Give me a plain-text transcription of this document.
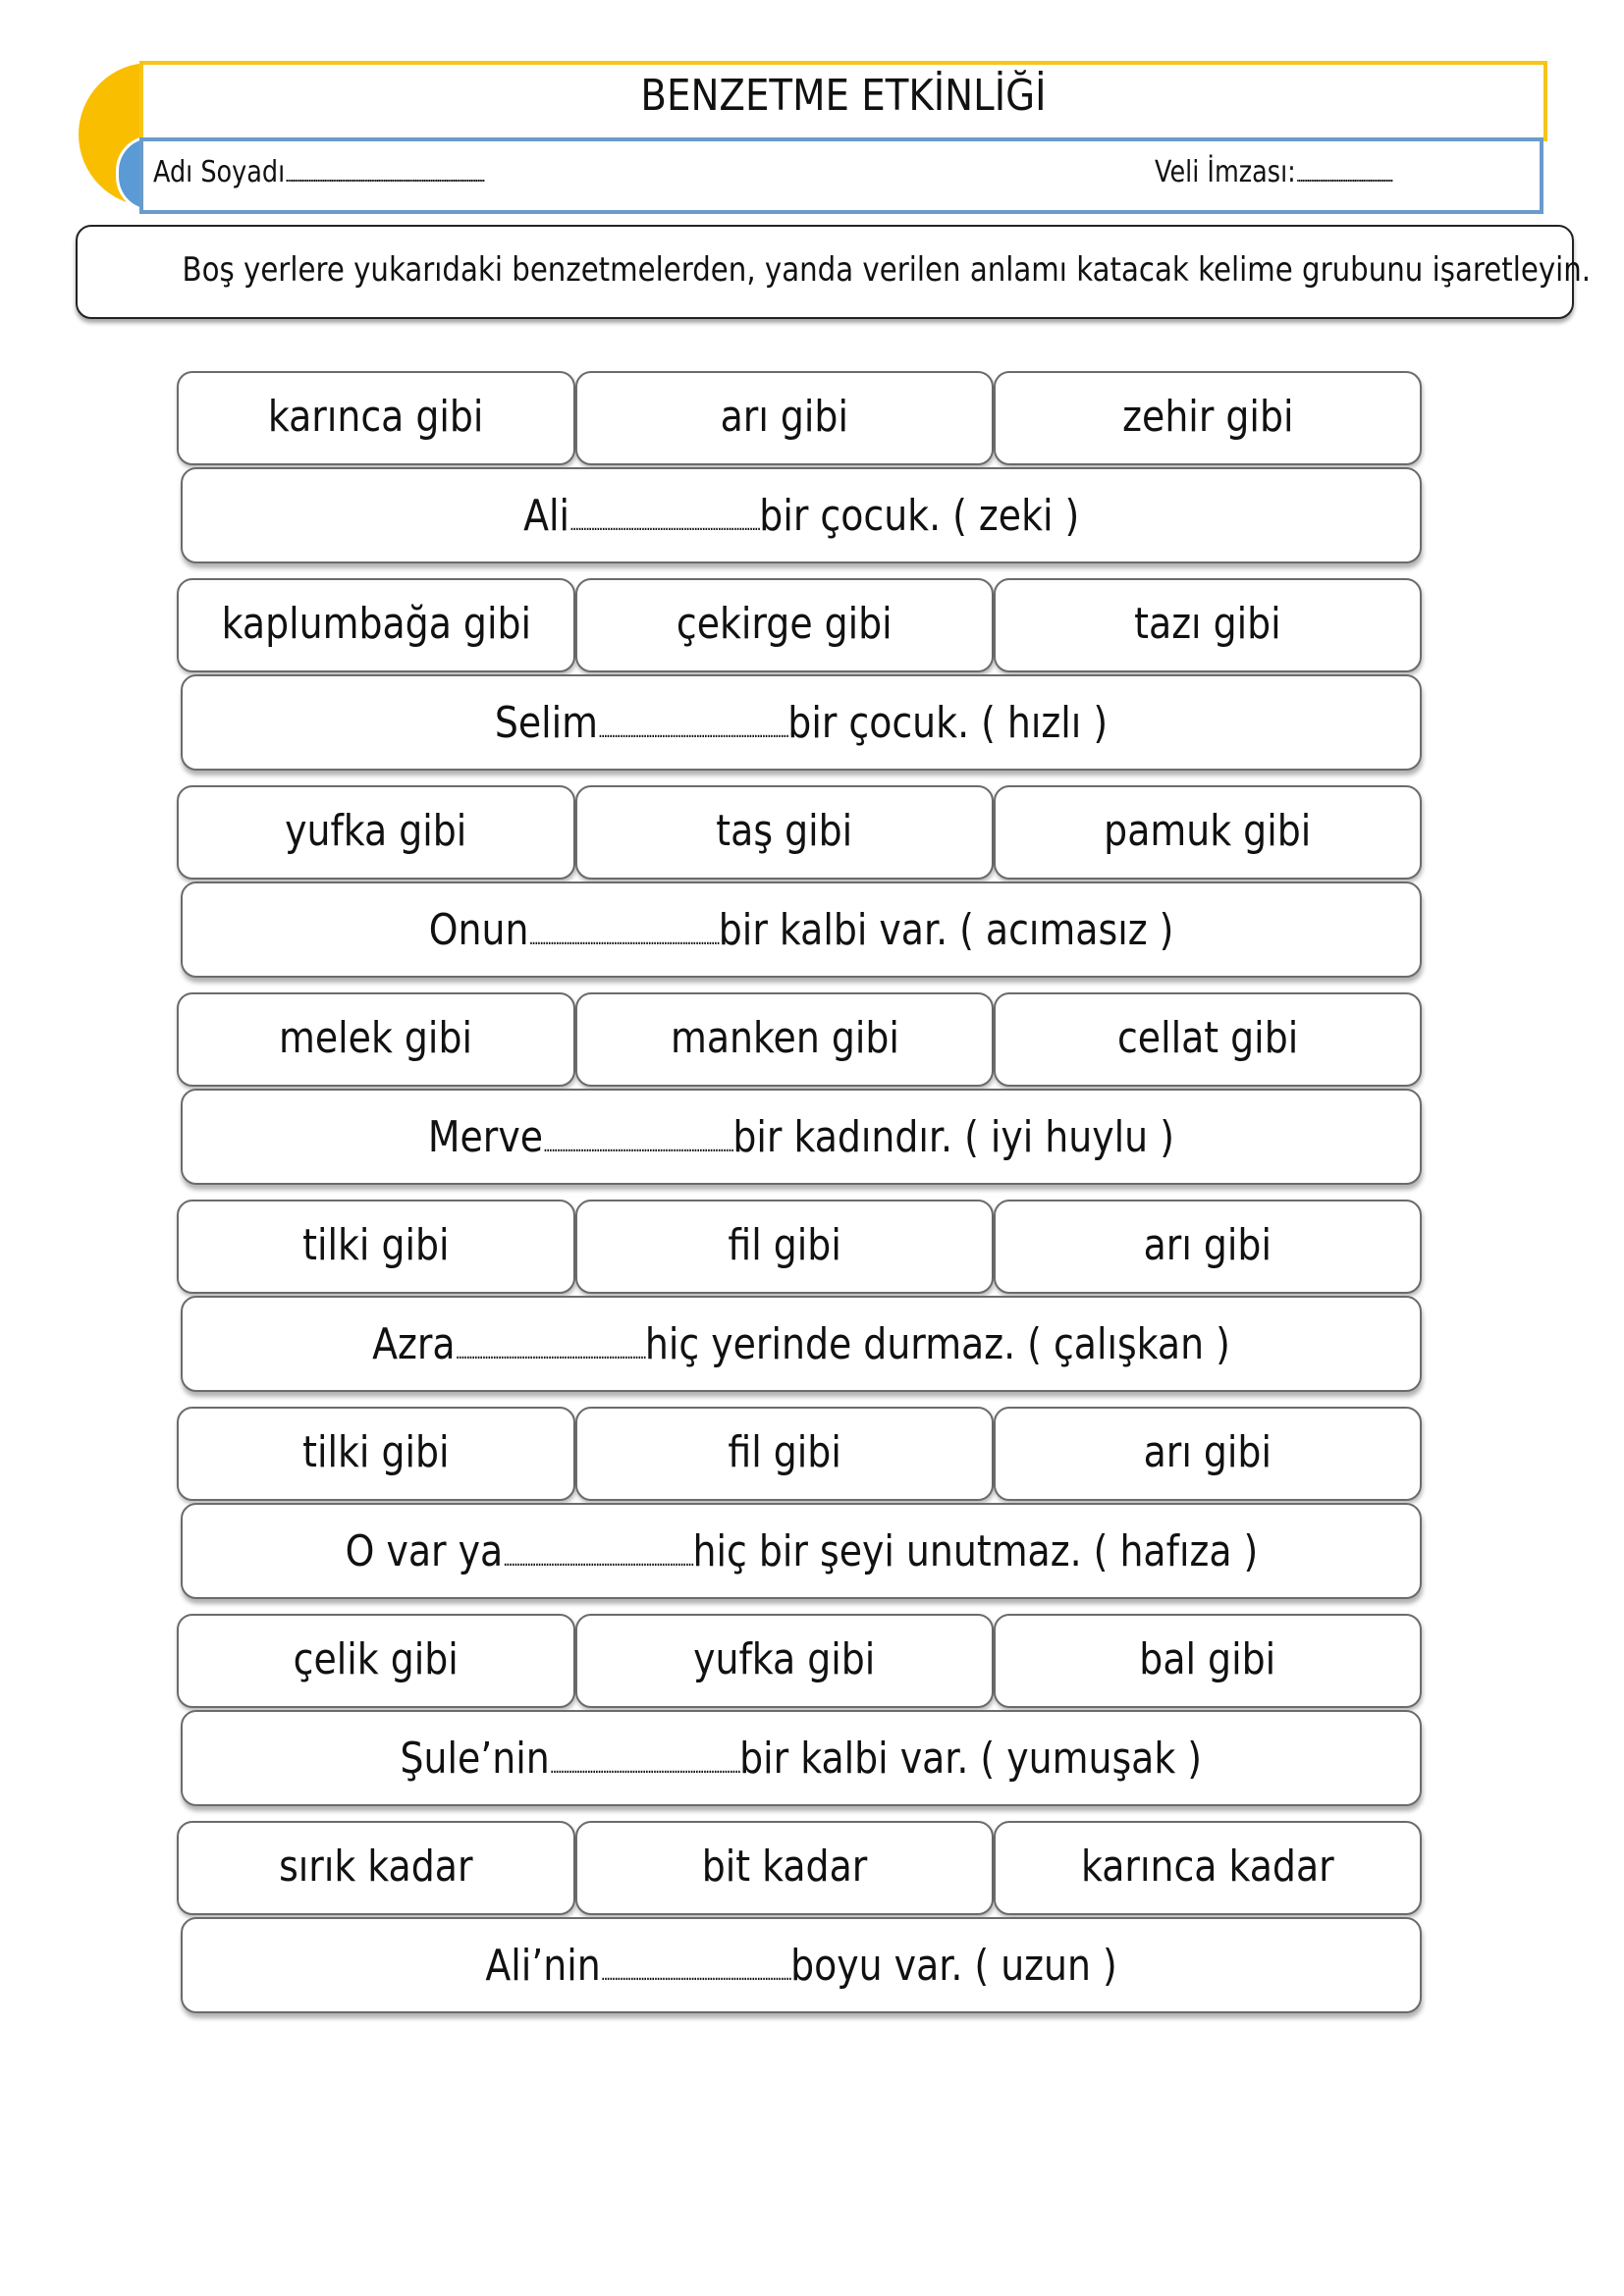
BENZETME ETKİNLİĞİ
Adı Soyadı..................................................................................................................	Veli İmzası:.......................................................
Boş yerlere yukarıdaki benzetmelerden, yanda verilen anlamı katacak kelime grubunu işaretleyin.
karınca gibi	arı gibi	zehir gibi
Ali........................................................................bir çocuk. ( zeki )
kaplumbağa gibi	çekirge gibi	tazı gibi
Selim........................................................................bir çocuk. ( hızlı )
yufka gibi	taş gibi	pamuk gibi
Onun........................................................................bir kalbi var. ( acımasız )
melek gibi	manken gibi	cellat gibi
Merve........................................................................bir kadındır. ( iyi huylu )
tilki gibi	fil gibi	arı gibi
Azra........................................................................hiç yerinde durmaz. ( çalışkan )
tilki gibi	fil gibi	arı gibi
O var ya........................................................................hiç bir şeyi unutmaz. ( hafıza )
çelik gibi	yufka gibi	bal gibi
Şule’nin........................................................................bir kalbi var. ( yumuşak )
sırık kadar	bit kadar	karınca kadar
Ali’nin........................................................................boyu var. ( uzun )
